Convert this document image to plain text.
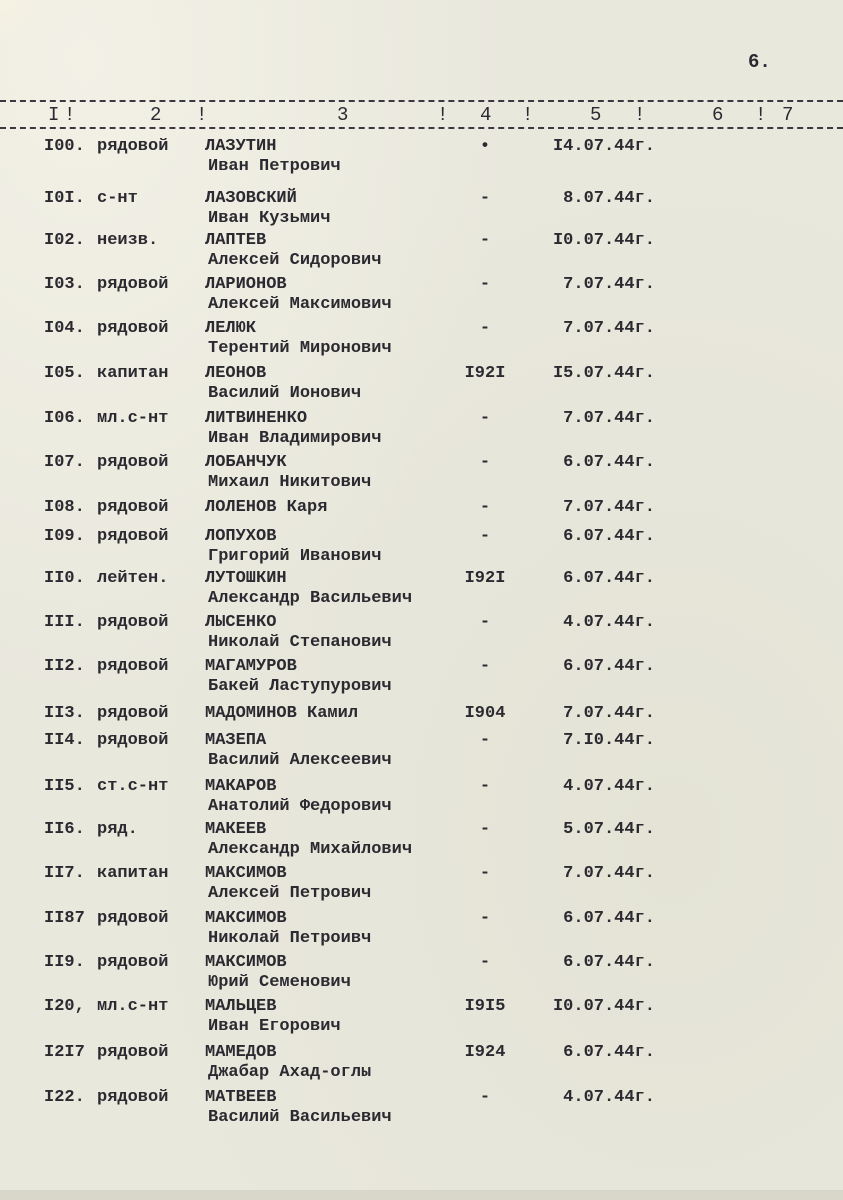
6.
I	2	3	4	5	6	7
!	!	!	!	!	!
I00. рядовой ЛАЗУТИН
Иван Петрович
•	I4.07.44г.
I0I. с-нт	ЛАЗОВСКИЙ
Иван Кузьмич
-	8.07.44г.
I02. неизв.	ЛАПТЕВ
Алексей Сидорович
-	I0.07.44г.
I03. рядовой ЛАРИОНОВ
Алексей Максимович
-	7.07.44г.
I04. рядовой ЛЕЛЮК
Терентий Миронович
-	7.07.44г.
I05. капитан ЛЕОНОВ
Василий Ионович
I92I	I5.07.44г.
I06. мл.с-нт ЛИТВИНЕНКО
Иван Владимирович
-	7.07.44г.
I07. рядовой ЛОБАНЧУК
Михаил Никитович
-	6.07.44г.
I08. рядовой ЛОЛЕНОВ Каря	-	7.07.44г.
I09. рядовой ЛОПУХОВ
Григорий Иванович
-	6.07.44г.
II0. лейтен. ЛУТОШКИН
Александр Васильевич
I92I	6.07.44г.
III. рядовой ЛЫСЕНКО
Николай Степанович
-	4.07.44г.
II2. рядовой МАГАМУРОВ
Бакей Ластупурович
-	6.07.44г.
II3. рядовой МАДОМИНОВ Камил	I904	7.07.44г.
II4. рядовой МАЗЕПА
Василий Алексеевич
-	7.I0.44г.
II5. ст.с-нт МАКАРОВ
Анатолий Федорович
-	4.07.44г.
II6. ряд.	МАКЕЕВ
Александр Михайлович
-	5.07.44г.
II7. капитан МАКСИМОВ
Алексей Петрович
-	7.07.44г.
II87 рядовой МАКСИМОВ
Николай Петроивч
-	6.07.44г.
II9. рядовой МАКСИМОВ
Юрий Семенович
-	6.07.44г.
I20, мл.с-нт МАЛЬЦЕВ
Иван Егорович
I9I5	I0.07.44г.
I2I7 рядовой МАМЕДОВ
Джабар Ахад-оглы
I924	6.07.44г.
I22. рядовой МАТВЕЕВ
Василий Васильевич
-	4.07.44г.
